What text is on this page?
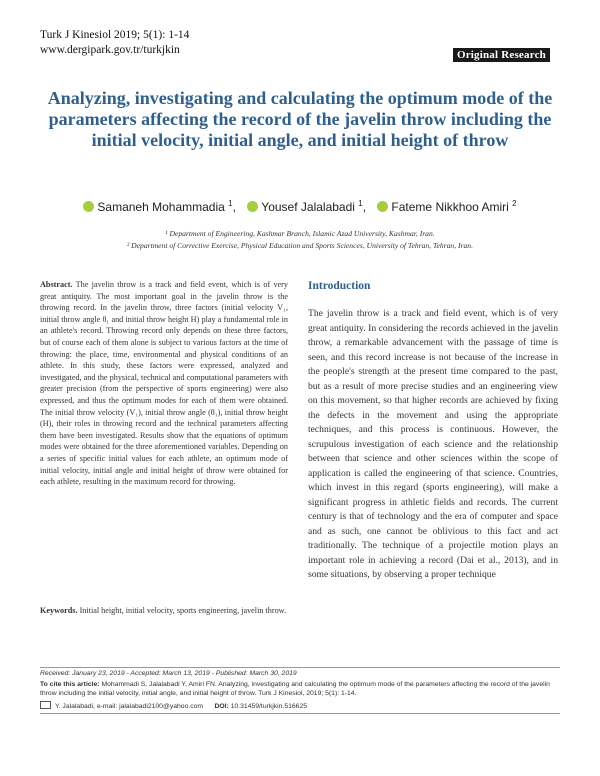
Turk J Kinesiol 2019; 5(1): 1-14
www.dergipark.gov.tr/turkjkin	Original Research
Analyzing, investigating and calculating the optimum mode of the parameters affecting the record of the javelin throw including the initial velocity, initial angle, and initial height of throw
Samaneh Mohammadia $^1$, Yousef Jalalabadi $^1$, Fateme Nikkhoo Amiri $^2$
¹ Department of Engineering, Kashmar Branch, Islamic Azad University, Kashmar, Iran.
² Department of Corrective Exercise, Physical Education and Sports Sciences, University of Tehran, Tehran, Iran.
Abstract. The javelin throw is a track and field event, which is of very great antiquity. The most important goal in the javelin throw is the throwing record. In the javelin throw, three factors (initial velocity V₁, initial throw angle θ₁ and initial throw height H) play a fundamental role in an athlete's record. Throwing record only depends on these three factors, but of course each of them alone is subject to various factors at the time of throwing: the place, time, environmental and physical conditions of an athlete. In this study, these factors were expressed, analyzed and investigated, and the physical, technical and computational parameters with greater precision (from the perspective of sports engineering) were also expressed, and thus the optimum modes for each of them were obtained. The initial throw velocity (V₁), initial throw angle (θ₁), initial throw height (H), their roles in throwing record and the technical parameters affecting them have been investigated. Results show that the equations of optimum modes were obtained for the three aforementioned variables. Depending on a series of specific initial values for each athlete, an optimum mode of initial velocity, initial angle and initial height of throw were obtained for each athlete, resulting in the maximum record for throwing.
Keywords. Initial height, initial velocity, sports engineering, javelin throw.
Introduction
The javelin throw is a track and field event, which is of very great antiquity. In considering the records achieved in the javelin throw, a remarkable advancement with the passage of time is seen, and this record increase is not because of the increase in the people's strength at the present time compared to the past, but as a result of more precise studies and an engineering view on this movement, so that higher records are achieved by fixing the defects in the movement and using the appropriate techniques, and this process is continuous. However, the scrupulous investigation of each science and the relationship between that science and other sciences within the scope of application is called the engineering of that science. Countries, which invest in this regard (sports engineering), will make a significant progress in athletic fields and records. The current century is that of technology and the era of computer and space and as such, one cannot be oblivious to this fact and act traditionally. The technique of a projectile motion plays an important role in achieving a record (Dai et al., 2013), and in some situations, by observing a proper technique
Received: January 23, 2019 - Accepted: March 13, 2019 - Published: March 30, 2019
To cite this article: Mohammadi S, Jalalabadi Y, Amiri FN. Analyzing, investigating and calculating the optimum mode of the parameters affecting the record of the javelin throw including the initial velocity, initial angle, and initial height of throw. Turk J Kinesiol, 2019; 5(1): 1-14.
Y. Jalalabadi, e-mail: jalalabadi2100@yahoo.com DOI: 10.31459/turkjkin.516625
